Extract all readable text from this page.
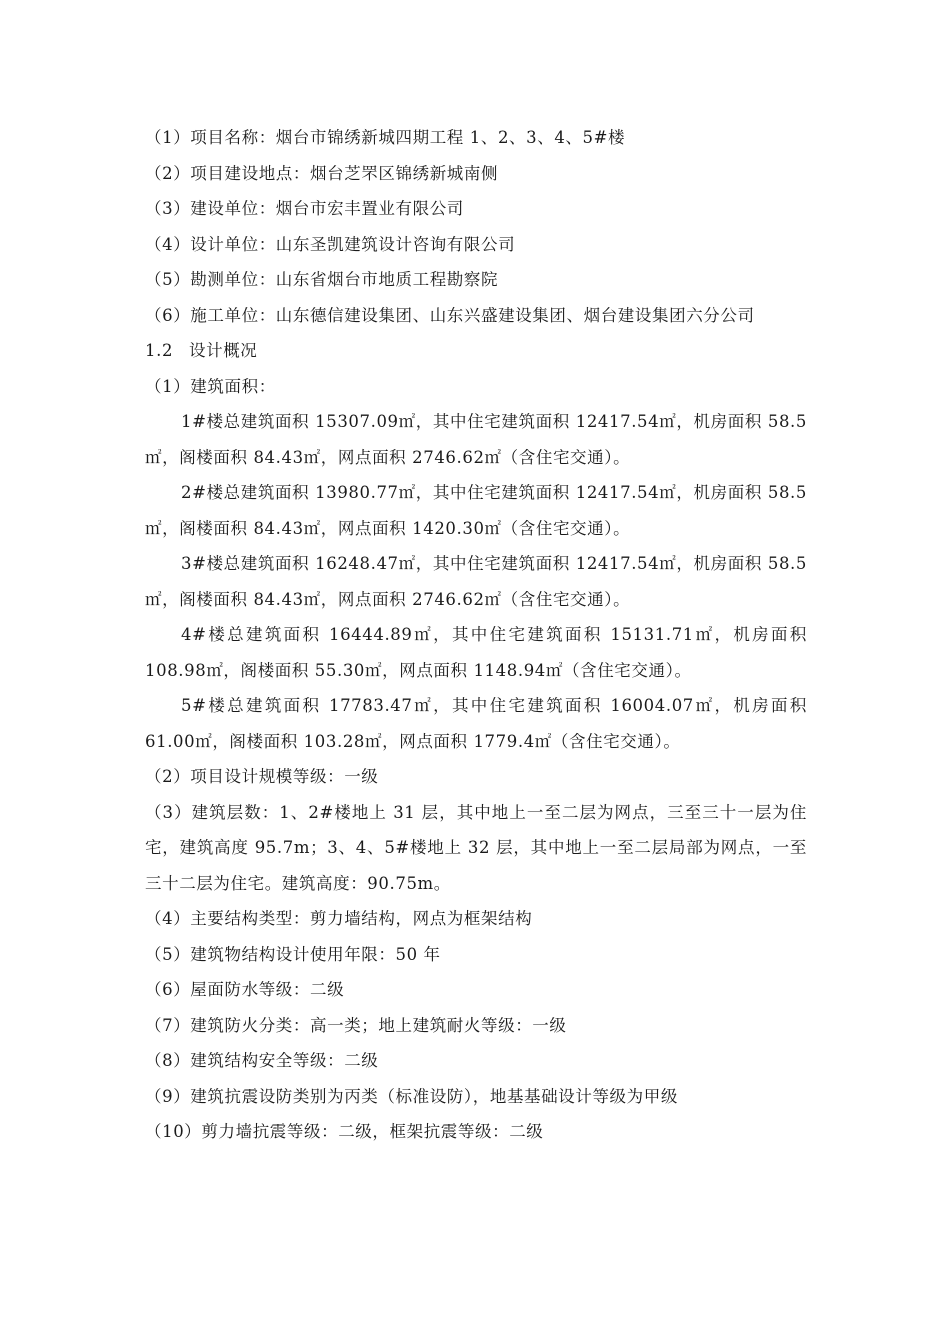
（1）项目名称：烟台市锦绣新城四期工程 1、2、3、4、5#楼
（2）项目建设地点：烟台芝罘区锦绣新城南侧
（3）建设单位：烟台市宏丰置业有限公司
（4）设计单位：山东圣凯建筑设计咨询有限公司
（5）勘测单位：山东省烟台市地质工程勘察院
（6）施工单位：山东德信建设集团、山东兴盛建设集团、烟台建设集团六分公司
1.2 设计概况
（1）建筑面积：
1#楼总建筑面积 15307.09㎡，其中住宅建筑面积 12417.54㎡，机房面积 58.5㎡，阁楼面积 84.43㎡，网点面积 2746.62㎡（含住宅交通）。
2#楼总建筑面积 13980.77㎡，其中住宅建筑面积 12417.54㎡，机房面积 58.5㎡，阁楼面积 84.43㎡，网点面积 1420.30㎡（含住宅交通）。
3#楼总建筑面积 16248.47㎡，其中住宅建筑面积 12417.54㎡，机房面积 58.5㎡，阁楼面积 84.43㎡，网点面积 2746.62㎡（含住宅交通）。
4#楼总建筑面积 16444.89㎡，其中住宅建筑面积 15131.71㎡，机房面积 108.98㎡，阁楼面积 55.30㎡，网点面积 1148.94㎡（含住宅交通）。
5#楼总建筑面积 17783.47㎡，其中住宅建筑面积 16004.07㎡，机房面积 61.00㎡，阁楼面积 103.28㎡，网点面积 1779.4㎡（含住宅交通）。
（2）项目设计规模等级：一级
（3）建筑层数：1、2#楼地上 31 层，其中地上一至二层为网点，三至三十一层为住宅，建筑高度 95.7m；3、4、5#楼地上 32 层，其中地上一至二层局部为网点，一至三十二层为住宅。建筑高度：90.75m。
（4）主要结构类型：剪力墙结构，网点为框架结构
（5）建筑物结构设计使用年限：50 年
（6）屋面防水等级：二级
（7）建筑防火分类：高一类；地上建筑耐火等级：一级
（8）建筑结构安全等级：二级
（9）建筑抗震设防类别为丙类（标准设防），地基基础设计等级为甲级
（10）剪力墙抗震等级：二级，框架抗震等级：二级
